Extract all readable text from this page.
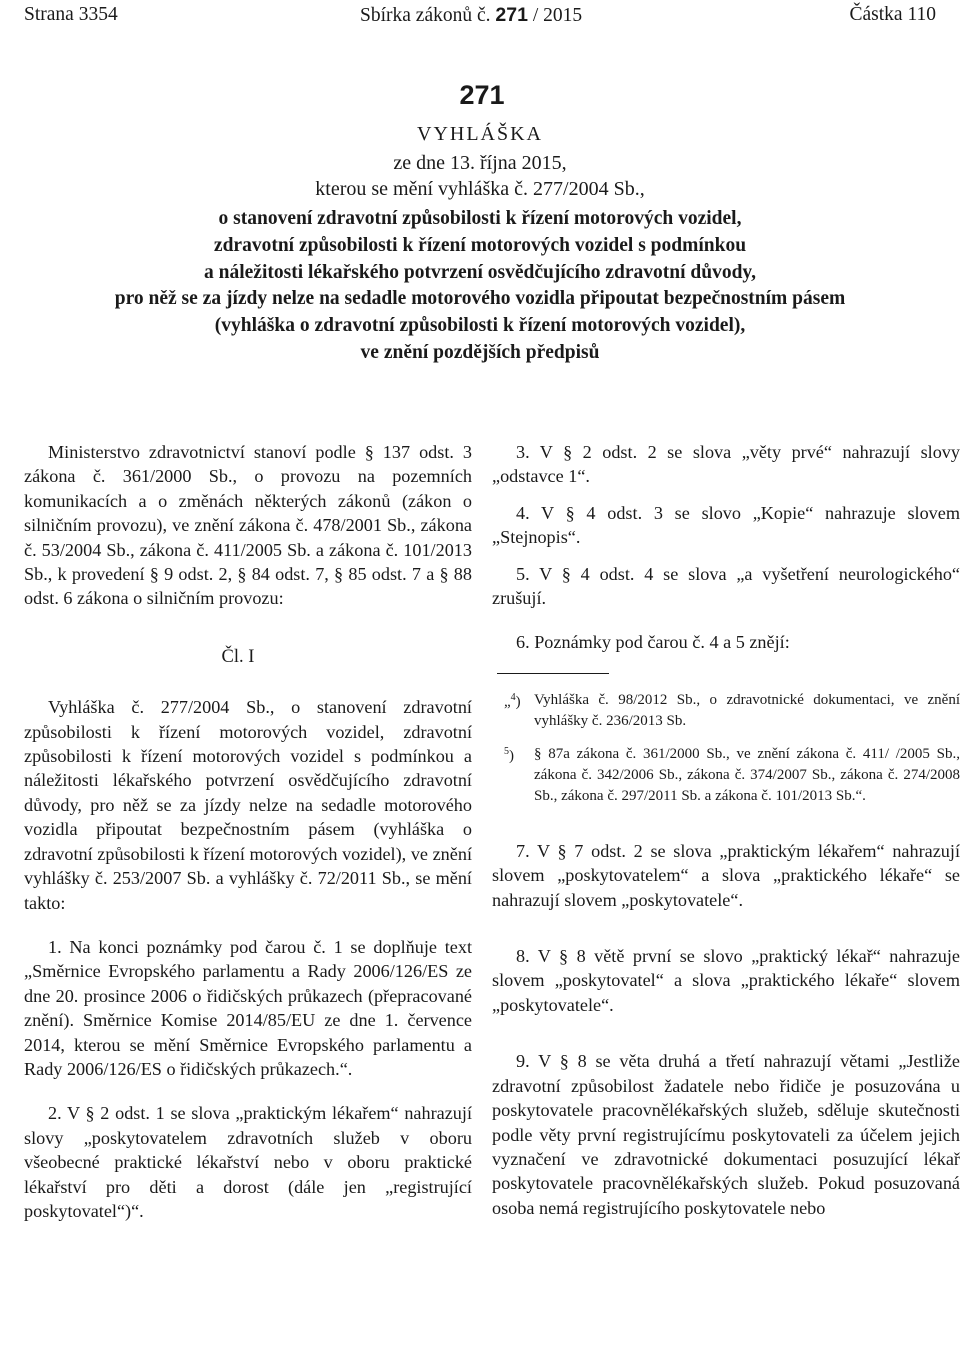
Strana 3354	Sbírka zákonů č. 271 / 2015	Částka 110
271
VYHLÁŠKA
ze dne 13. října 2015,
kterou se mění vyhláška č. 277/2004 Sb.,
o stanovení zdravotní způsobilosti k řízení motorových vozidel,
zdravotní způsobilosti k řízení motorových vozidel s podmínkou
a náležitosti lékařského potvrzení osvědčujícího zdravotní důvody,
pro něž se za jízdy nelze na sedadle motorového vozidla připoutat bezpečnostním pásem
(vyhláška o zdravotní způsobilosti k řízení motorových vozidel),
ve znění pozdějších předpisů

Ministerstvo zdravotnictví stanoví podle § 137 odst. 3 zákona č. 361/2000 Sb., o provozu na pozemních komunikacích a o změnách některých zákonů (zákon o silničním provozu), ve znění zákona č. 478/2001 Sb., zákona č. 53/2004 Sb., zákona č. 411/2005 Sb. a zákona č. 101/2013 Sb., k provedení § 9 odst. 2, § 84 odst. 7, § 85 odst. 7 a § 88 odst. 6 zákona o silničním provozu:

Čl. I

Vyhláška č. 277/2004 Sb., o stanovení zdravotní způsobilosti k řízení motorových vozidel, zdravotní způsobilosti k řízení motorových vozidel s podmínkou a náležitosti lékařského potvrzení osvědčujícího zdravotní důvody, pro něž se za jízdy nelze na sedadle motorového vozidla připoutat bezpečnostním pásem (vyhláška o zdravotní způsobilosti k řízení motorových vozidel), ve znění vyhlášky č. 253/2007 Sb. a vyhlášky č. 72/2011 Sb., se mění takto:

1. Na konci poznámky pod čarou č. 1 se doplňuje text „Směrnice Evropského parlamentu a Rady 2006/126/ES ze dne 20. prosince 2006 o řidičských průkazech (přepracované znění). Směrnice Komise 2014/85/EU ze dne 1. července 2014, kterou se mění Směrnice Evropského parlamentu a Rady 2006/126/ES o řidičských průkazech.“.

2. V § 2 odst. 1 se slova „praktickým lékařem“ nahrazují slovy „poskytovatelem zdravotních služeb v oboru všeobecné praktické lékařství nebo v oboru praktické lékařství pro děti a dorost (dále jen „registrující poskytovatel“)“.

3. V § 2 odst. 2 se slova „věty prvé“ nahrazují slovy „odstavce 1“.

4. V § 4 odst. 3 se slovo „Kopie“ nahrazuje slovem „Stejnopis“.

5. V § 4 odst. 4 se slova „a vyšetření neurologického“ zrušují.

6. Poznámky pod čarou č. 4 a 5 znějí:

„$^4$) Vyhláška č. 98/2012 Sb., o zdravotnické dokumentaci, ve znění vyhlášky č. 236/2013 Sb.
$^5$) § 87a zákona č. 361/2000 Sb., ve znění zákona č. 411/ /2005 Sb., zákona č. 342/2006 Sb., zákona č. 374/2007 Sb., zákona č. 274/2008 Sb., zákona č. 297/2011 Sb. a zákona č. 101/2013 Sb.“.

7. V § 7 odst. 2 se slova „praktickým lékařem“ nahrazují slovem „poskytovatelem“ a slova „praktického lékaře“ se nahrazují slovem „poskytovatele“.

8. V § 8 větě první se slovo „praktický lékař“ nahrazuje slovem „poskytovatel“ a slova „praktického lékaře“ slovem „poskytovatele“.

9. V § 8 se věta druhá a třetí nahrazují větami „Jestliže zdravotní způsobilost žadatele nebo řidiče je posuzována u poskytovatele pracovnělékařských služeb, sděluje skutečnosti podle věty první registrujícímu poskytovateli za účelem jejich vyznačení ve zdravotnické dokumentaci posuzující lékař poskytovatele pracovnělékařských služeb. Pokud posuzovaná osoba nemá registrujícího poskytovatele nebo
